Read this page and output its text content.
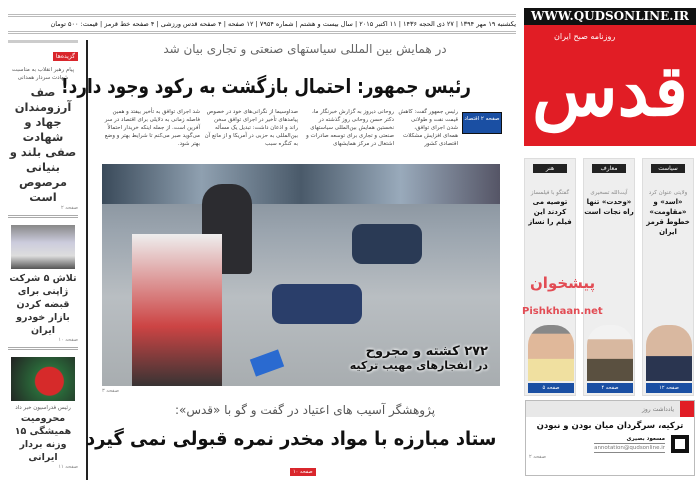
یکشنبه ۱۹ مهر ۱۳۹۴ | ۲۷ ذی الحجه ۱۴۳۶ | ۱۱ اکتبر ۲۰۱۵ | سال بیست و هشتم | شماره ۷۹۵۴ | ۱۲ صفحه | ۴ صفحه قدس ورزشی | ۴ صفحه خط قرمز | قیمت: ۵۰۰ تومان
گزیده‌ها
پیام رهبر انقلاب به مناسبت شهادت سردار همدانی
صف آرزومندان جهاد و شهادت صفی بلند و بنیانی مرصوص است
صفحه ۲
تلاش ۵ شرکت ژاپنی برای قبضه کردن بازار خودرو ایران
صفحه ۱۰
رئیس فدراسیون خبر داد
محرومیت همیشگی ۱۵ وزنه بردار ایرانی
صفحه ۱۱
در همایش بین المللی سیاستهای صنعتی و تجاری بیان شد
رئیس جمهور: احتمال بازگشت به رکود وجود دارد!
صفحه ۲ اقتصاد
رئیس جمهور گفت: کاهش قیمت نفت و طولانی شدن اجرای توافق، همه‌ای افزایش مشکلات اقتصادی کشور
روحانی دیروز به گزارش خبرنگار ما، دکتر حسن روحانی روز گذشته در نخستین همایش بین‌المللی سیاستهای صنعتی و تجاری برای توسعه صادرات و اشتغال در مرکز همایشهای
صداوسیما از نگرانی‌های خود در خصوص پیامدهای تأخیر در اجرای توافق سخن راند و اذعان داشت: تبدیل یک مسأله بین‌المللی به حزبی در آمریکا و از مانع آن به کنگره سبب
شد اجرای توافق به تأخیر بیفتد و همین فاصله زمانی به دلایلی برای اقتصاد در سر آفرین است. از جمله اینکه خریدار احتمالاً می‌گوید صبر می‌کنم تا شرایط بهتر و وضع بهتر شود.
۲۷۲ کشته و مجروح
در انفجارهای مهیب ترکیه
صفحه ۳
پژوهشگر آسیب های اعتیاد در گفت و گو با «قدس»:
ستاد مبارزه با مواد مخدر نمره قبولی نمی گیرد
صفحه ۱۰
WWW.QUDSONLINE.IR
روزنامه صبح ایران
قدس
سیاست
ولایتی عنوان کرد
«اسد» و «مقاومت» خطوط قرمز ایران
صفحه ۱۲
معارف
آیت‌الله تسخیری
«وحدت» تنها راه نجات است
صفحه ۴
هنر
گفتگو با فیلمساز
توصیه می کردند این فیلم را نساز
صفحه ۵
پیشخوان
Pishkhaan.net
یادداشت روز
ترکیه، سرگردان میان بودن و نبودن
مسعود بصیری
annotation@qudsonline.ir
صفحه ۲
